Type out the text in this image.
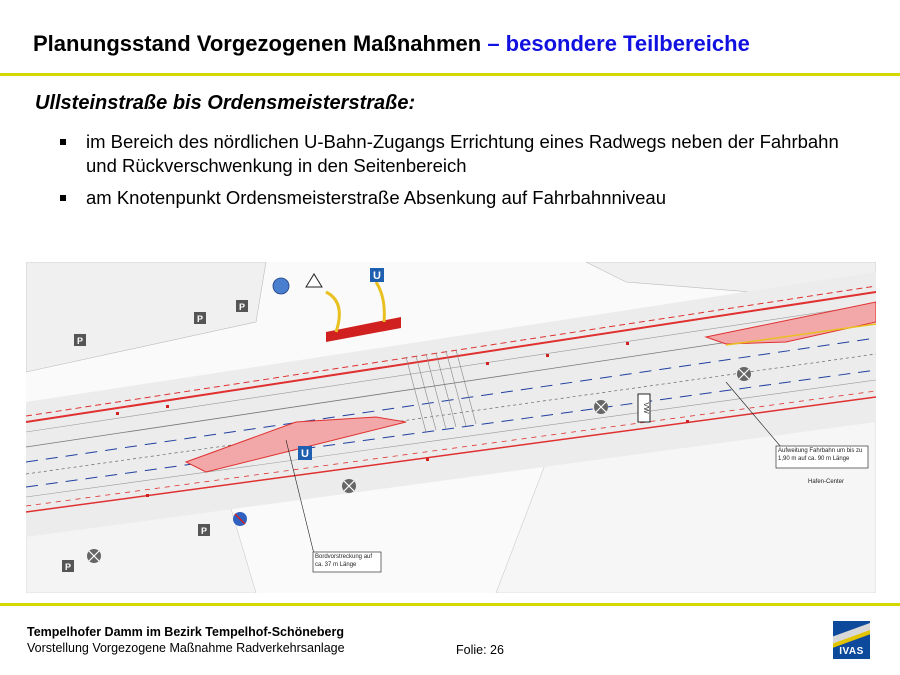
Planungsstand Vorgezogenen Maßnahmen – besondere Teilbereiche
Ullsteinstraße bis Ordensmeisterstraße:
im Bereich des nördlichen U-Bahn-Zugangs Errichtung eines Radwegs neben der Fahrbahn und Rückverschwenkung in den Seitenbereich
am Knotenpunkt Ordensmeisterstraße Absenkung auf Fahrbahnniveau
U
U
P
P
P
P
P
VW
Aufweitung Fahrbahn um bis zu 1,90 m auf ca. 90 m Länge
Bordvorstreckung auf ca. 37 m Länge
Hafen-Center

Tempelhofer Damm im Bezirk Tempelhof-Schöneberg

Vorstellung Vorgezogene Maßnahme Radverkehrsanlage	Folie: 26	IVAS
